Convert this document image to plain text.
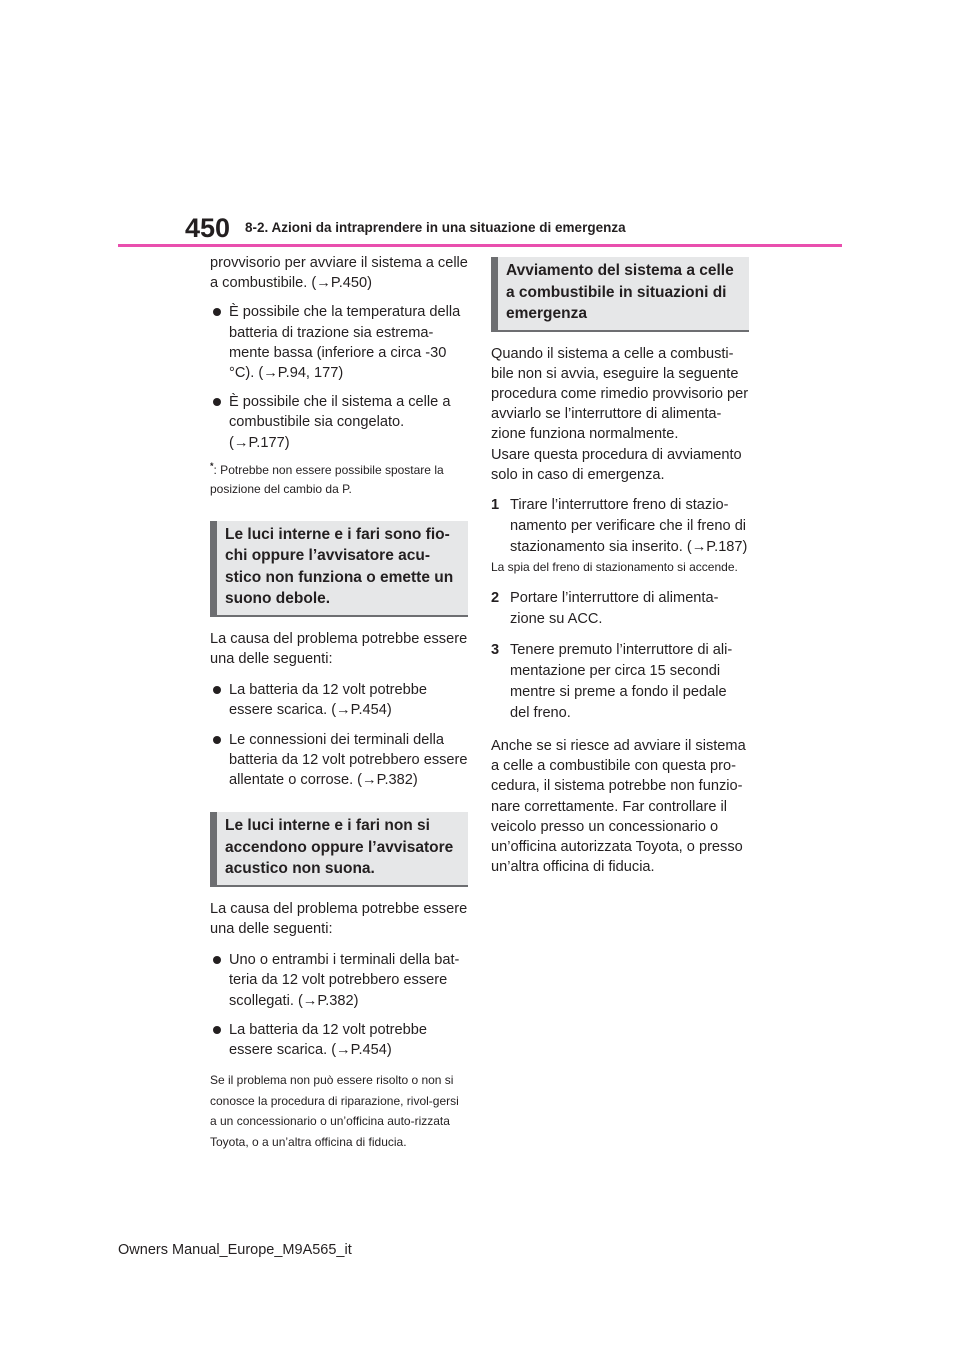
450 8-2. Azioni da intraprendere in una situazione di emergenza

provvisorio per avviare il sistema a celle a combustibile. (→P.450)

È possibile che la temperatura della batteria di trazione sia estrema-mente bassa (inferiore a circa -30 °C). (→P.94, 177)
È possibile che il sistema a celle a combustibile sia congelato. (→P.177)

*: Potrebbe non essere possibile spostare la posizione del cambio da P.

Le luci interne e i fari sono fio-chi oppure l’avvisatore acu-stico non funziona o emette un suono debole.

La causa del problema potrebbe essere una delle seguenti:

La batteria da 12 volt potrebbe essere scarica. (→P.454)
Le connessioni dei terminali della batteria da 12 volt potrebbero essere allentate o corrose. (→P.382)
Le luci interne e i fari non si accendono oppure l’avvisatore acustico non suona.

La causa del problema potrebbe essere una delle seguenti:

Uno o entrambi i terminali della bat-teria da 12 volt potrebbero essere scollegati. (→P.382)
La batteria da 12 volt potrebbe essere scarica. (→P.454)

Se il problema non può essere risolto o non si conosce la procedura di riparazione, rivol-gersi a un concessionario o un’officina auto-rizzata Toyota, o a un’altra officina di fiducia.

Avviamento del sistema a celle a combustibile in situazioni di emergenza

Quando il sistema a celle a combusti-bile non si avvia, eseguire la seguente procedura come rimedio provvisorio per avviarlo se l’interruttore di alimenta-zione funziona normalmente.

Usare questa procedura di avviamento solo in caso di emergenza.

1 Tirare l’interruttore freno di stazio-namento per verificare che il freno di stazionamento sia inserito. (→P.187)
La spia del freno di stazionamento si accende.
2 Portare l’interruttore di alimenta-zione su ACC.
3 Tenere premuto l’interruttore di ali-mentazione per circa 15 secondi mentre si preme a fondo il pedale del freno.

Anche se si riesce ad avviare il sistema a celle a combustibile con questa pro-cedura, il sistema potrebbe non funzio-nare correttamente. Far controllare il veicolo presso un concessionario o un’officina autorizzata Toyota, o presso un’altra officina di fiducia.

Owners Manual_Europe_M9A565_it
